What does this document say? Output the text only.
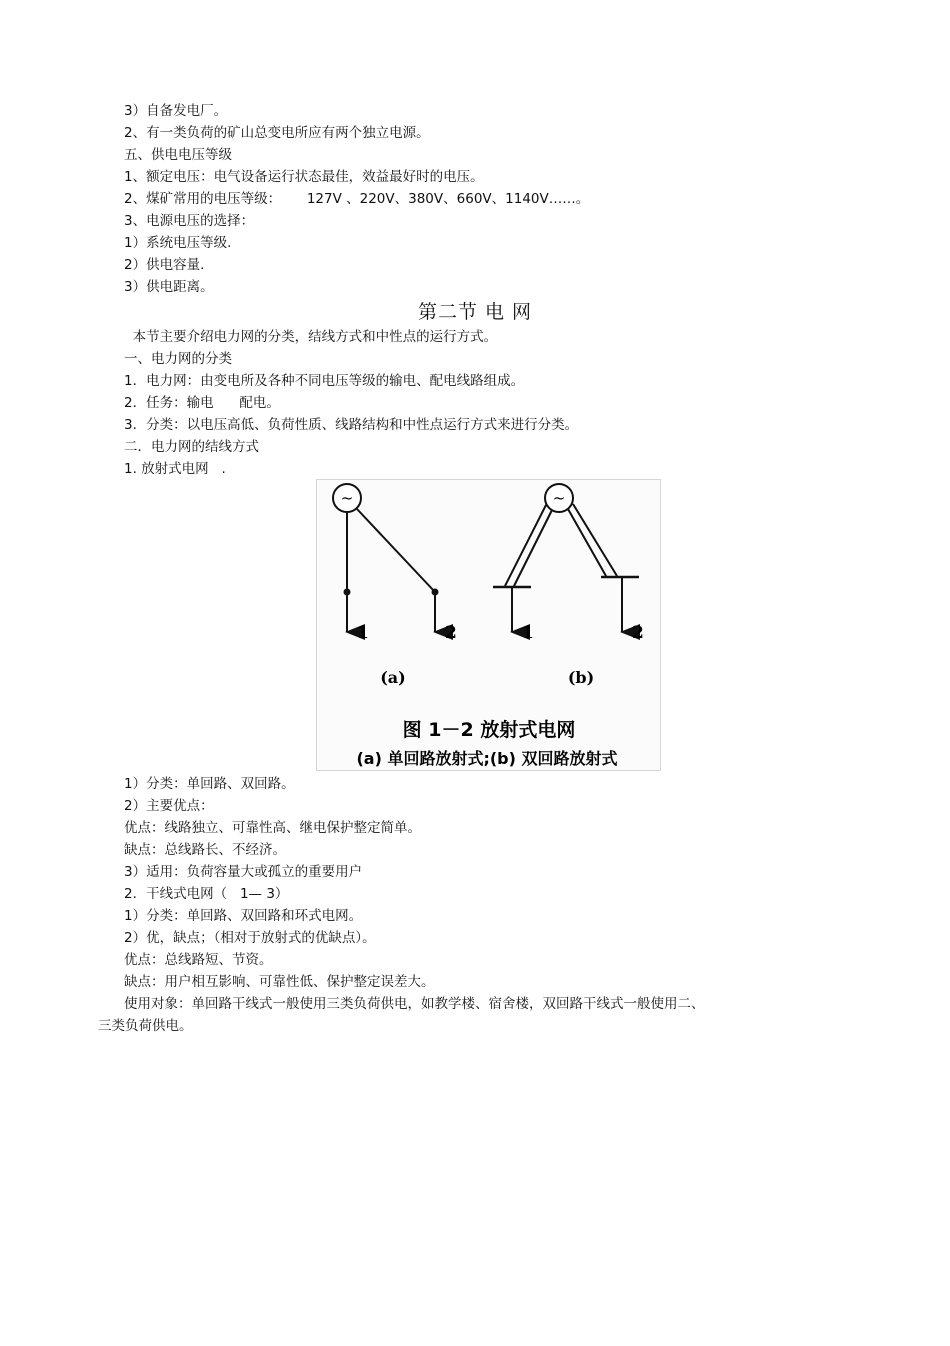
3）自备发电厂。
2、有一类负荷的矿山总变电所应有两个独立电源。
五、供电电压等级
1、额定电压：电气设备运行状态最佳，效益最好时的电压。
2、煤矿常用的电压等级：      127V 、220V、380V、660V、1140V……。
3、电源电压的选择：
1）系统电压等级.
2）供电容量.
3）供电距离。
第二节 电 网
本节主要介绍电力网的分类，结线方式和中性点的运行方式。
一、电力网的分类
1．电力网：由变电所及各种不同电压等级的输电、配电线路组成。
2．任务：输电      配电。
3．分类：以电压高低、负荷性质、线路结构和中性点运行方式来进行分类。
二．电力网的结线方式
1. 放射式电网   .
~
1	2
(a)
~
1	2
(b)
图 1－2 放射式电网
(a) 单回路放射式;(b) 双回路放射式
1）分类：单回路、双回路。
2）主要优点：
优点：线路独立、可靠性高、继电保护整定简单。
缺点：总线路长、不经济。
3）适用：负荷容量大或孤立的重要用户
2．干线式电网（   1— 3）
1）分类：单回路、双回路和环式电网。
2）优，缺点；（相对于放射式的优缺点）。
优点：总线路短、节资。
缺点：用户相互影响、可靠性低、保护整定误差大。
使用对象：单回路干线式一般使用三类负荷供电，如教学楼、宿舍楼，双回路干线式一般使用二、
三类负荷供电。
